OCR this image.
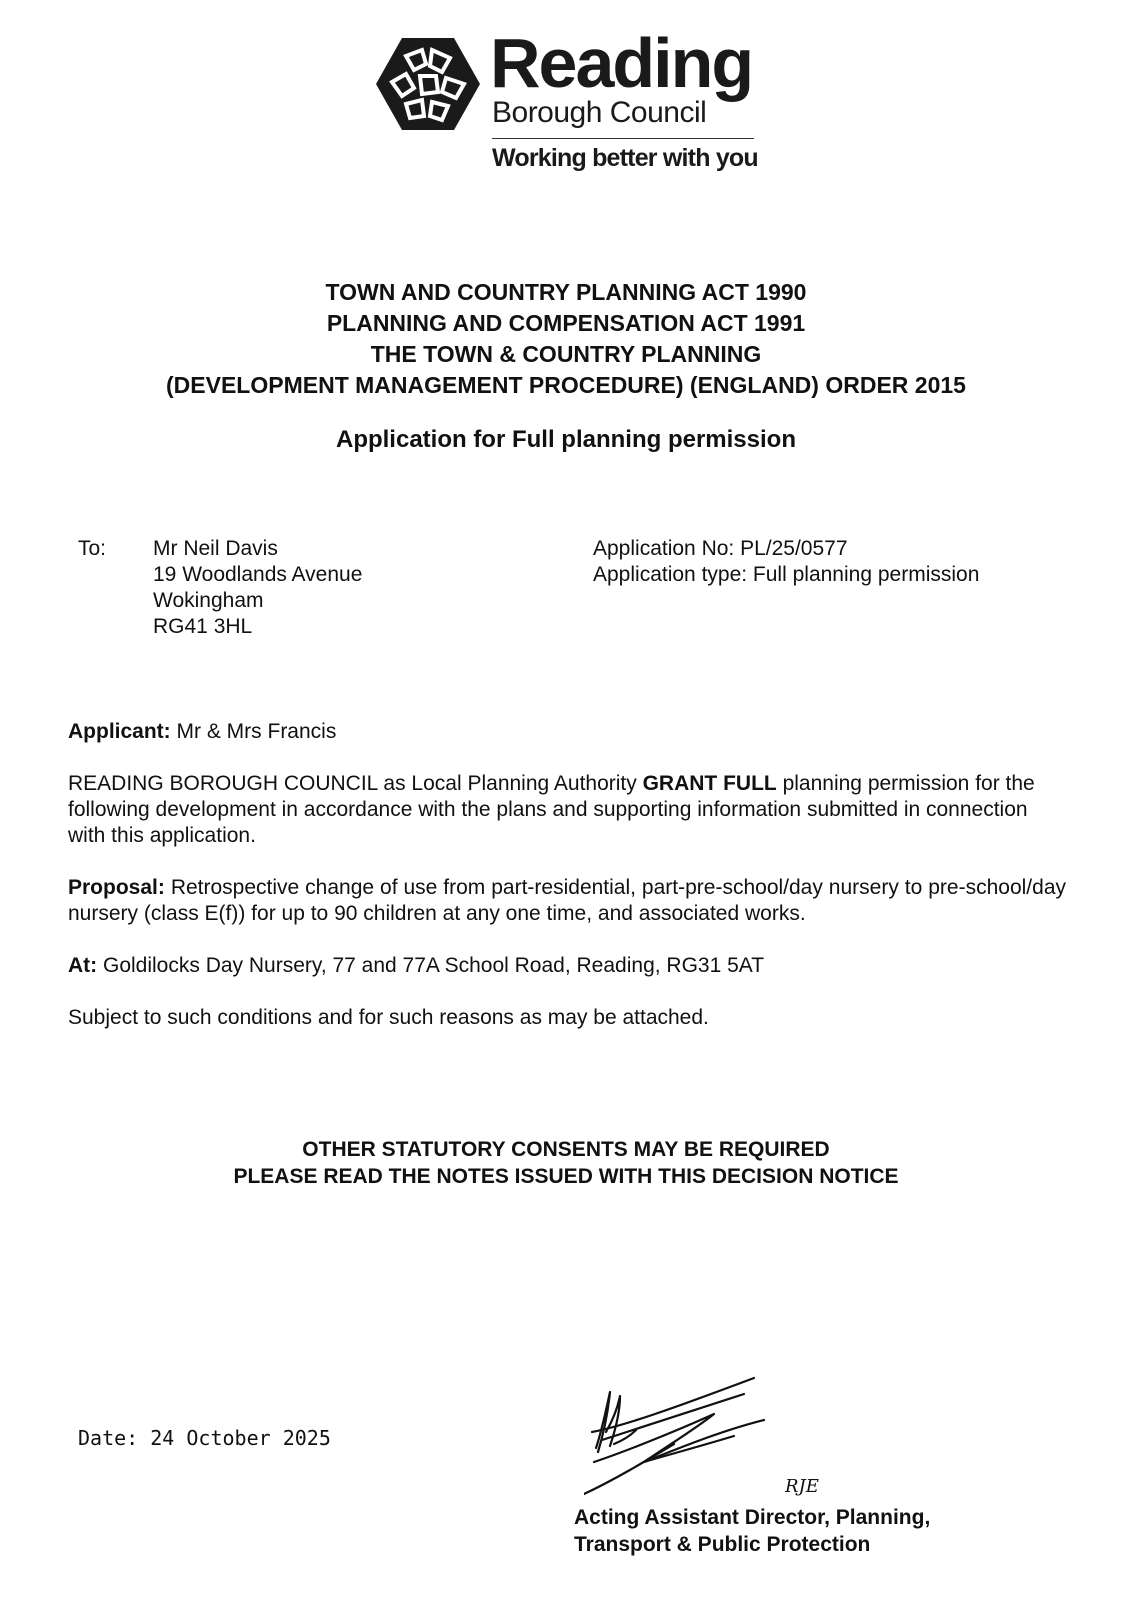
Reading
Borough Council
Working better with you
TOWN AND COUNTRY PLANNING ACT 1990
PLANNING AND COMPENSATION ACT 1991
THE TOWN & COUNTRY PLANNING
(DEVELOPMENT MANAGEMENT PROCEDURE) (ENGLAND) ORDER 2015
Application for Full planning permission
To: Mr Neil Davis
19 Woodlands Avenue
Wokingham
RG41 3HL
Application No: PL/25/0577
Application type: Full planning permission

Applicant: Mr & Mrs Francis

READING BOROUGH COUNCIL as Local Planning Authority GRANT FULL planning permission for the following development in accordance with the plans and supporting information submitted in connection with this application.

Proposal: Retrospective change of use from part-residential, part-pre-school/day nursery to pre-school/day nursery (class E(f)) for up to 90 children at any one time, and associated works.

At: Goldilocks Day Nursery, 77 and 77A School Road, Reading, RG31 5AT

Subject to such conditions and for such reasons as may be attached.

OTHER STATUTORY CONSENTS MAY BE REQUIRED
PLEASE READ THE NOTES ISSUED WITH THIS DECISION NOTICE
Date: 24 October 2025
RJE
Acting Assistant Director, Planning,
Transport & Public Protection
